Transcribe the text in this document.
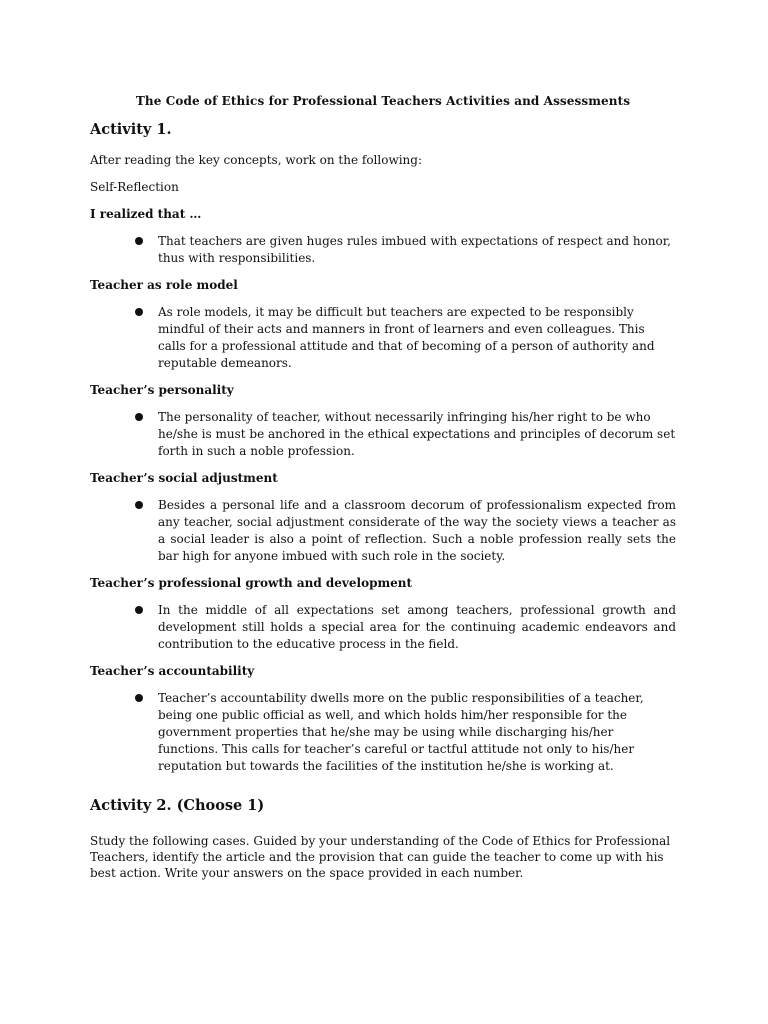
The Code of Ethics for Professional Teachers Activities and Assessments
Activity 1.
After reading the key concepts, work on the following:
Self-Reflection
I realized that …
That teachers are given huges rules imbued with expectations of respect and honor, thus with responsibilities.
Teacher as role model
As role models, it may be difficult but teachers are expected to be responsibly mindful of their acts and manners in front of learners and even colleagues. This calls for a professional attitude and that of becoming of a person of authority and reputable demeanors.
Teacher’s personality
The personality of teacher, without necessarily infringing his/her right to be who he/she is must be anchored in the ethical expectations and principles of decorum set forth in such a noble profession.
Teacher’s social adjustment
Besides a personal life and a classroom decorum of professionalism expected from any teacher, social adjustment considerate of the way the society views a teacher as a social leader is also a point of reflection. Such a noble profession really sets the bar high for anyone imbued with such role in the society.
Teacher’s professional growth and development
In the middle of all expectations set among teachers, professional growth and development still holds a special area for the continuing academic endeavors and contribution to the educative process in the field.
Teacher’s accountability
Teacher’s accountability dwells more on the public responsibilities of a teacher, being one public official as well, and which holds him/her responsible for the government properties that he/she may be using while discharging his/her functions. This calls for teacher’s careful or tactful attitude not only to his/her reputation but towards the facilities of the institution he/she is working at.
Activity 2. (Choose 1)
Study the following cases. Guided by your understanding of the Code of Ethics for Professional Teachers, identify the article and the provision that can guide the teacher to come up with his best action. Write your answers on the space provided in each number.
